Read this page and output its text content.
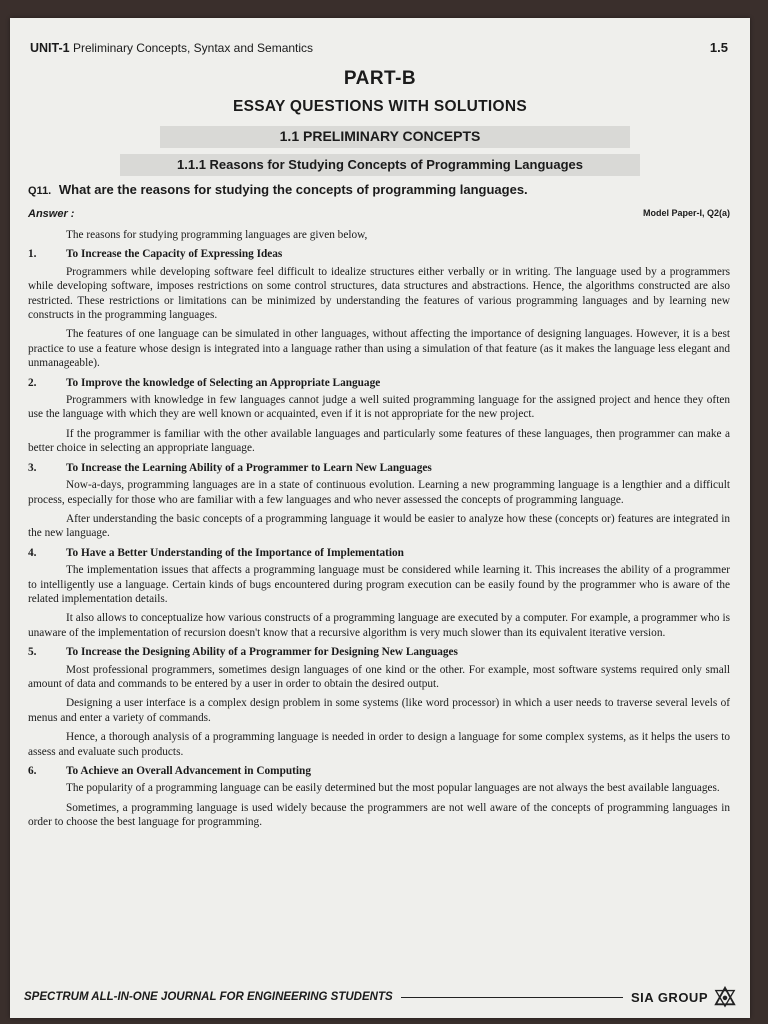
UNIT-1 Preliminary Concepts, Syntax and Semantics	1.5
PART-B
ESSAY QUESTIONS WITH SOLUTIONS
1.1 PRELIMINARY CONCEPTS
1.1.1 Reasons for Studying Concepts of Programming Languages
Q11. What are the reasons for studying the concepts of programming languages.
Answer :	Model Paper-I, Q2(a)

The reasons for studying programming languages are given below,

1.	To Increase the Capacity of Expressing Ideas

Programmers while developing software feel difficult to idealize structures either verbally or in writing. The language used by a programmers while developing software, imposes restrictions on some control structures, data structures and abstractions. Hence, the algorithms constructed are also restricted. These restrictions or limitations can be minimized by understanding the features of various programming languages and by learning new constructs in the programming languages.

The features of one language can be simulated in other languages, without affecting the importance of designing languages. However, it is a best practice to use a feature whose design is integrated into a language rather than using a simulation of that feature (as it makes the language less elegant and unmanageable).

2.	To Improve the knowledge of Selecting an Appropriate Language

Programmers with knowledge in few languages cannot judge a well suited programming language for the assigned project and hence they often use the language with which they are well known or acquainted, even if it is not appropriate for the new project.

If the programmer is familiar with the other available languages and particularly some features of these languages, then programmer can make a better choice in selecting an appropriate language.

3.	To Increase the Learning Ability of a Programmer to Learn New Languages

Now-a-days, programming languages are in a state of continuous evolution. Learning a new programming language is a lengthier and a difficult process, especially for those who are familiar with a few languages and who never assessed the concepts of programming language.

After understanding the basic concepts of a programming language it would be easier to analyze how these (concepts or) features are integrated in the new language.

4.	To Have a Better Understanding of the Importance of Implementation

The implementation issues that affects a programming language must be considered while learning it. This increases the ability of a programmer to intelligently use a language. Certain kinds of bugs encountered during program execution can be easily found by the programmer who is aware of the related implementation details.

It also allows to conceptualize how various constructs of a programming language are executed by a computer. For example, a programmer who is unaware of the implementation of recursion doesn't know that a recursive algorithm is very much slower than its equivalent iterative version.

5.	To Increase the Designing Ability of a Programmer for Designing New Languages

Most professional programmers, sometimes design languages of one kind or the other. For example, most software systems required only small amount of data and commands to be entered by a user in order to obtain the desired output.

Designing a user interface is a complex design problem in some systems (like word processor) in which a user needs to traverse several levels of menus and enter a variety of commands.

Hence, a thorough analysis of a programming language is needed in order to design a language for some complex systems, as it helps the users to assess and evaluate such products.

6.	To Achieve an Overall Advancement in Computing

The popularity of a programming language can be easily determined but the most popular languages are not always the best available languages.

Sometimes, a programming language is used widely because the programmers are not well aware of the concepts of programming languages in order to choose the best language for programming.

SPECTRUM ALL-IN-ONE JOURNAL FOR ENGINEERING STUDENTS	SIA GROUP
